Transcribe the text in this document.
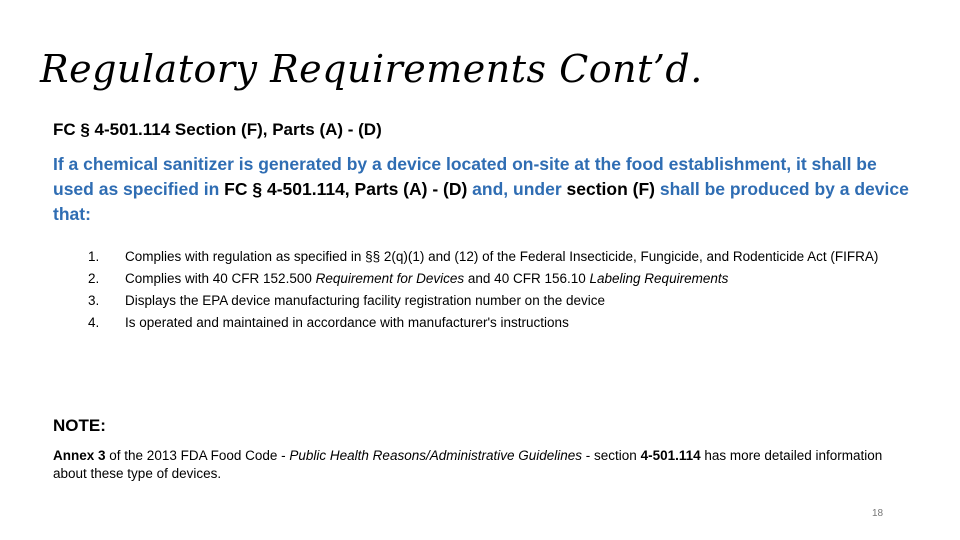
Regulatory Requirements Cont’d.

FC § 4-501.114 Section (F), Parts (A) - (D)

If a chemical sanitizer is generated by a device located on-site at the food establishment, it shall be used as specified in FC § 4-501.114, Parts (A) - (D) and, under section (F) shall be produced by a device that:

1. Complies with regulation as specified in §§ 2(q)(1) and (12) of the Federal Insecticide, Fungicide, and Rodenticide Act (FIFRA)
2. Complies with 40 CFR 152.500 Requirement for Devices and 40 CFR 156.10 Labeling Requirements
3. Displays the EPA device manufacturing facility registration number on the device
4. Is operated and maintained in accordance with manufacturer's instructions

NOTE:

Annex 3 of the 2013 FDA Food Code - Public Health Reasons/Administrative Guidelines - section 4-501.114 has more detailed information about these type of devices.

18
